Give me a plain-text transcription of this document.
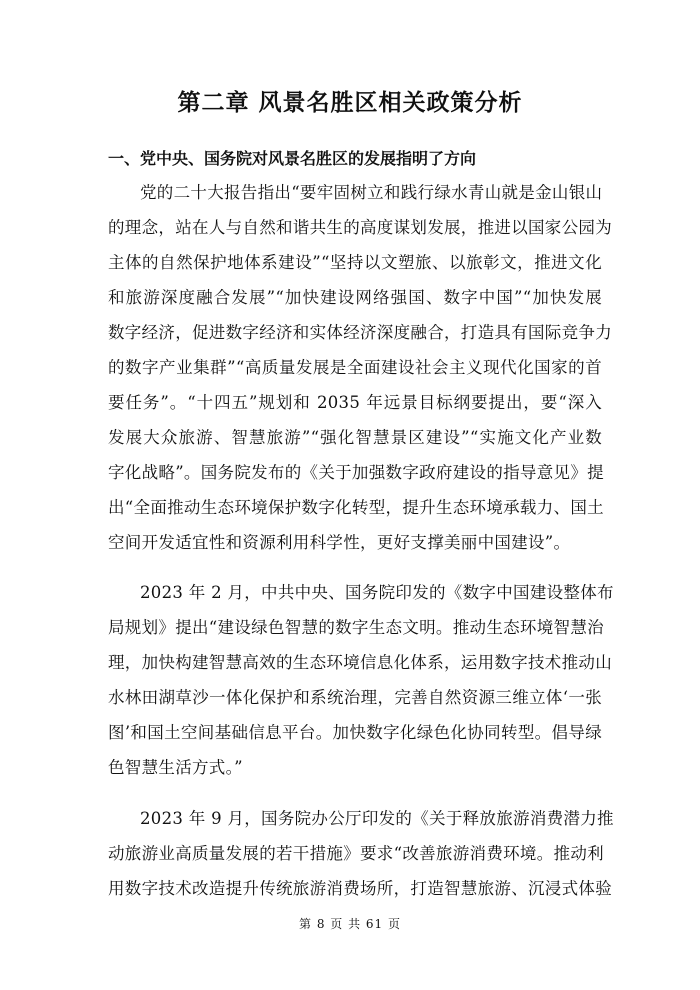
第二章 风景名胜区相关政策分析
一、党中央、国务院对风景名胜区的发展指明了方向
党的二十大报告指出“要牢固树立和践行绿水青山就是金山银山
的理念，站在人与自然和谐共生的高度谋划发展，推进以国家公园为
主体的自然保护地体系建设”“坚持以文塑旅、以旅彰文，推进文化
和旅游深度融合发展”“加快建设网络强国、数字中国”“加快发展
数字经济，促进数字经济和实体经济深度融合，打造具有国际竞争力
的数字产业集群”“高质量发展是全面建设社会主义现代化国家的首
要任务”。“十四五”规划和 2035 年远景目标纲要提出，要“深入
发展大众旅游、智慧旅游”“强化智慧景区建设”“实施文化产业数
字化战略”。国务院发布的《关于加强数字政府建设的指导意见》提
出“全面推动生态环境保护数字化转型，提升生态环境承载力、国土
空间开发适宜性和资源利用科学性，更好支撑美丽中国建设”。
2023 年 2 月，中共中央、国务院印发的《数字中国建设整体布
局规划》提出“建设绿色智慧的数字生态文明。推动生态环境智慧治
理，加快构建智慧高效的生态环境信息化体系，运用数字技术推动山
水林田湖草沙一体化保护和系统治理，完善自然资源三维立体‘一张
图’和国土空间基础信息平台。加快数字化绿色化协同转型。倡导绿
色智慧生活方式。”
2023 年 9 月，国务院办公厅印发的《关于释放旅游消费潜力推
动旅游业高质量发展的若干措施》要求“改善旅游消费环境。推动利
用数字技术改造提升传统旅游消费场所，打造智慧旅游、沉浸式体验
第 8 页 共 61 页
